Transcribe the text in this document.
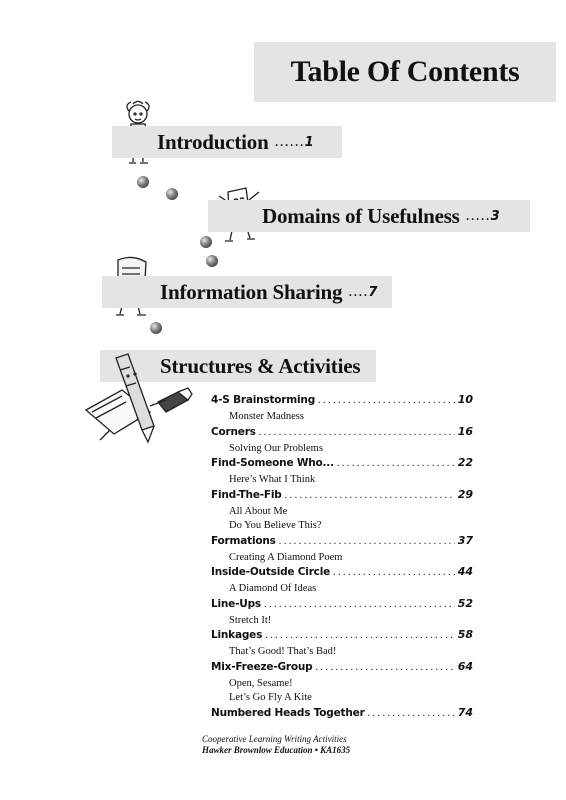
Table Of Contents
Introduction ...... 1
Domains of Usefulness ..... 3
Information Sharing .... 7
Structures & Activities
4-S Brainstorming . . .	10
Monster Madness
Corners . . .	16
Solving Our Problems
Find-Someone Who... . . .	22
Here’s What I Think
Find-The-Fib . . .	29
All About Me
Do You Believe This?
Formations . . .	37
Creating A Diamond Poem
Inside-Outside Circle . . .	44
A Diamond Of Ideas
Line-Ups . . .	52
Stretch It!
Linkages . . .	58
That’s Good! That’s Bad!
Mix-Freeze-Group . . .	64
Open, Sesame!
Let’s Go Fly A Kite
Numbered Heads Together . . .	74
Cooperative Learning Writing Activities
Hawker Brownlow Education • KA1635
